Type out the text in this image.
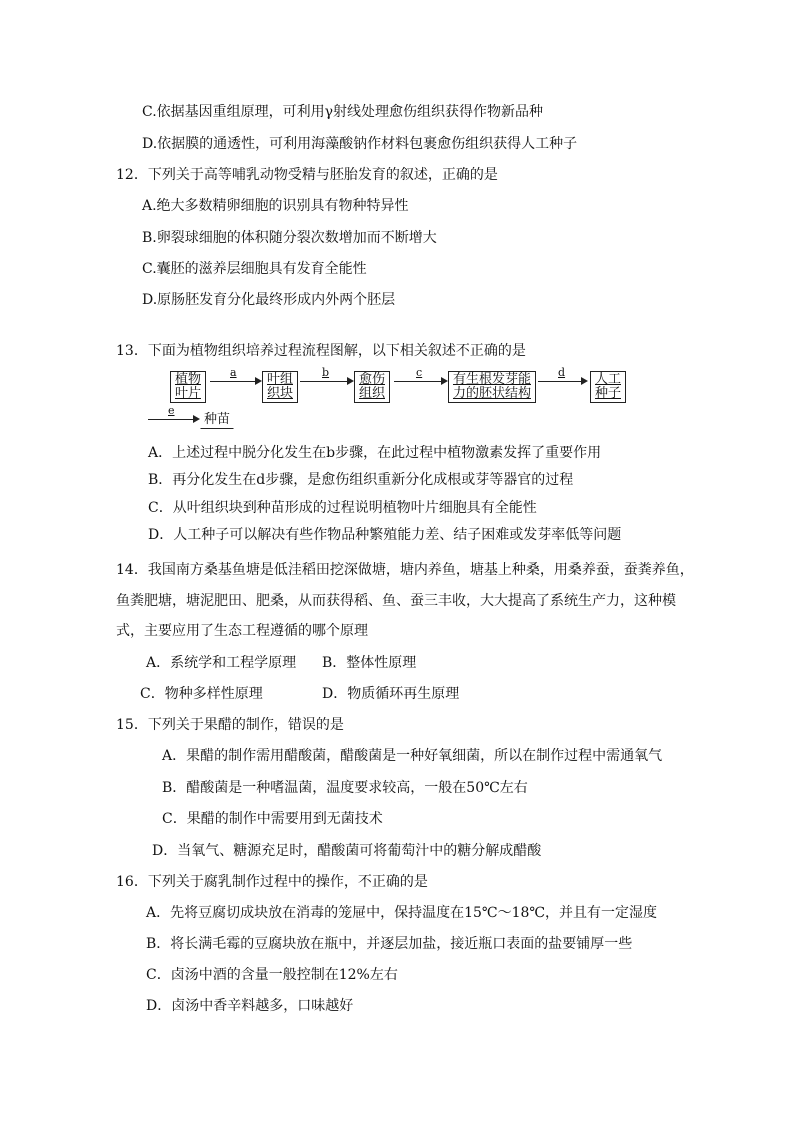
C.依据基因重组原理，可利用γ射线处理愈伤组织获得作物新品种
D.依据膜的通透性，可利用海藻酸钠作材料包裹愈伤组织获得人工种子
12．下列关于高等哺乳动物受精与胚胎发育的叙述，正确的是
A.绝大多数精卵细胞的识别具有物种特异性
B.卵裂球细胞的体积随分裂次数增加而不断增大
C.囊胚的滋养层细胞具有发育全能性
D.原肠胚发育分化最终形成内外两个胚层
13．下面为植物组织培养过程流程图解，以下相关叙述不正确的是
植物
叶片
a 叶组
织块
b 愈伤
组织
c 有生根发芽能
力的胚状结构
d 人工
种子
e
种苗
A．上述过程中脱分化发生在b步骤，在此过程中植物激素发挥了重要作用
B．再分化发生在d步骤，是愈伤组织重新分化成根或芽等器官的过程
C．从叶组织块到种苗形成的过程说明植物叶片细胞具有全能性
D．人工种子可以解决有些作物品种繁殖能力差、结子困难或发芽率低等问题
14．我国南方桑基鱼塘是低洼稻田挖深做塘，塘内养鱼，塘基上种桑，用桑养蚕，蚕粪养鱼，
鱼粪肥塘，塘泥肥田、肥桑，从而获得稻、鱼、蚕三丰收，大大提高了系统生产力，这种模
式，主要应用了生态工程遵循的哪个原理
A．系统学和工程学原理 B．整体性原理
C．物种多样性原理	D．物质循环再生原理
15．下列关于果醋的制作，错误的是
A．果醋的制作需用醋酸菌，醋酸菌是一种好氧细菌，所以在制作过程中需通氧气
B．醋酸菌是一种嗜温菌，温度要求较高，一般在50℃左右
C．果醋的制作中需要用到无菌技术
D．当氧气、糖源充足时，醋酸菌可将葡萄汁中的糖分解成醋酸
16．下列关于腐乳制作过程中的操作，不正确的是
A．先将豆腐切成块放在消毒的笼屉中，保持温度在15℃～18℃，并且有一定湿度
B．将长满毛霉的豆腐块放在瓶中，并逐层加盐，接近瓶口表面的盐要铺厚一些
C．卤汤中酒的含量一般控制在12%左右
D．卤汤中香辛料越多，口味越好
